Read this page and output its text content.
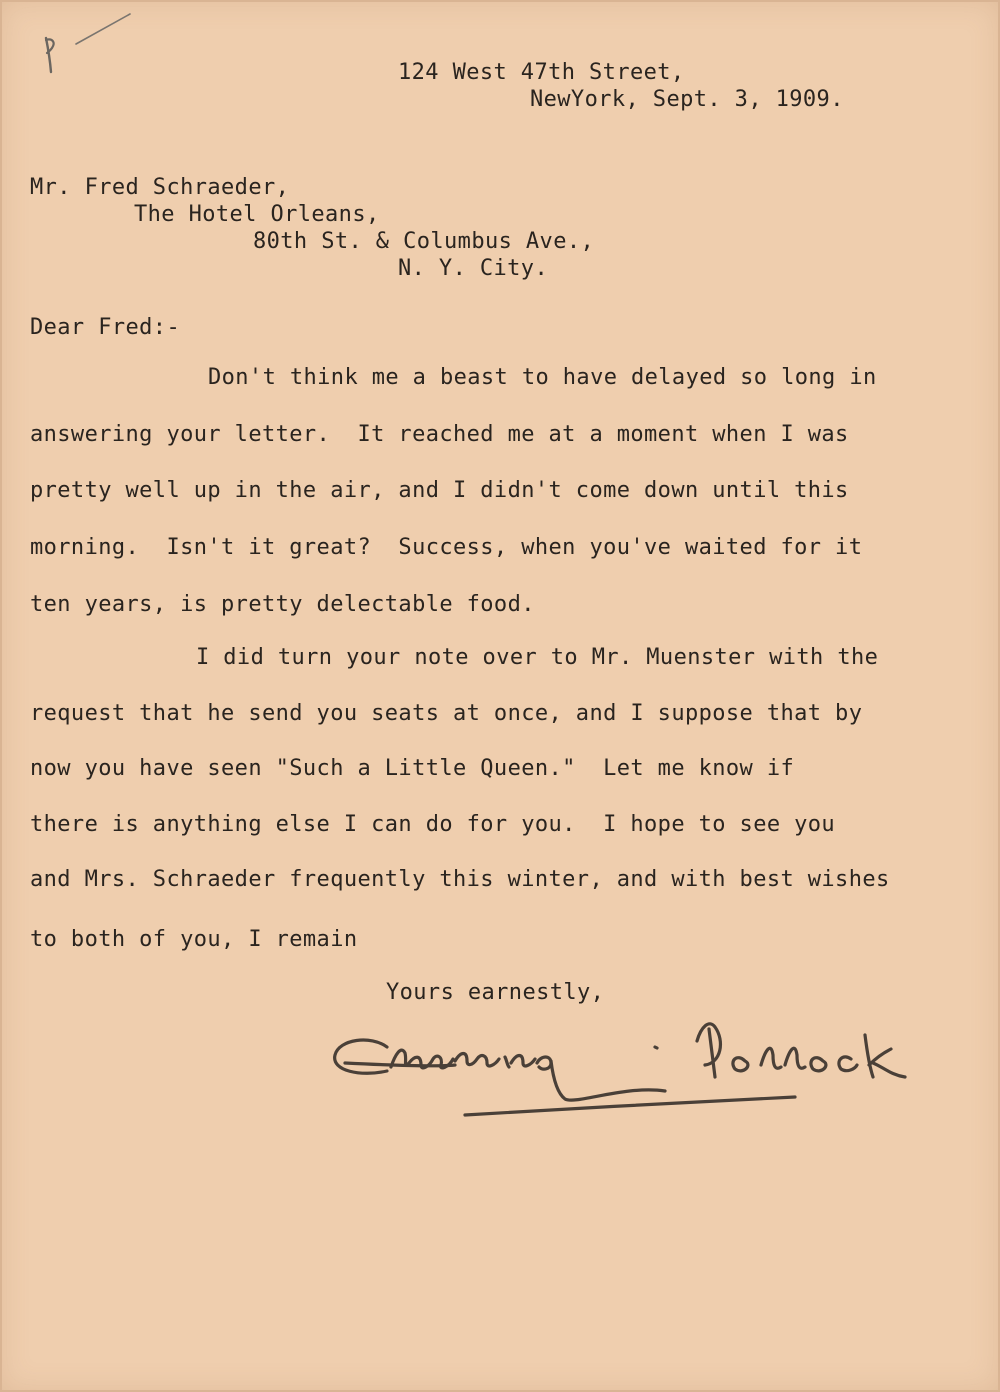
124 West 47th Street,
NewYork, Sept. 3, 1909.
Mr. Fred Schraeder,
The Hotel Orleans,
80th St. & Columbus Ave.,
N. Y. City.
Dear Fred:-
Don't think me a beast to have delayed so long in
answering your letter.  It reached me at a moment when I was
pretty well up in the air, and I didn't come down until this
morning.  Isn't it great?  Success, when you've waited for it
ten years, is pretty delectable food.
I did turn your note over to Mr. Muenster with the
request that he send you seats at once, and I suppose that by
now you have seen "Such a Little Queen."  Let me know if
there is anything else I can do for you.  I hope to see you
and Mrs. Schraeder frequently this winter, and with best wishes
to both of you, I remain
Yours earnestly,
